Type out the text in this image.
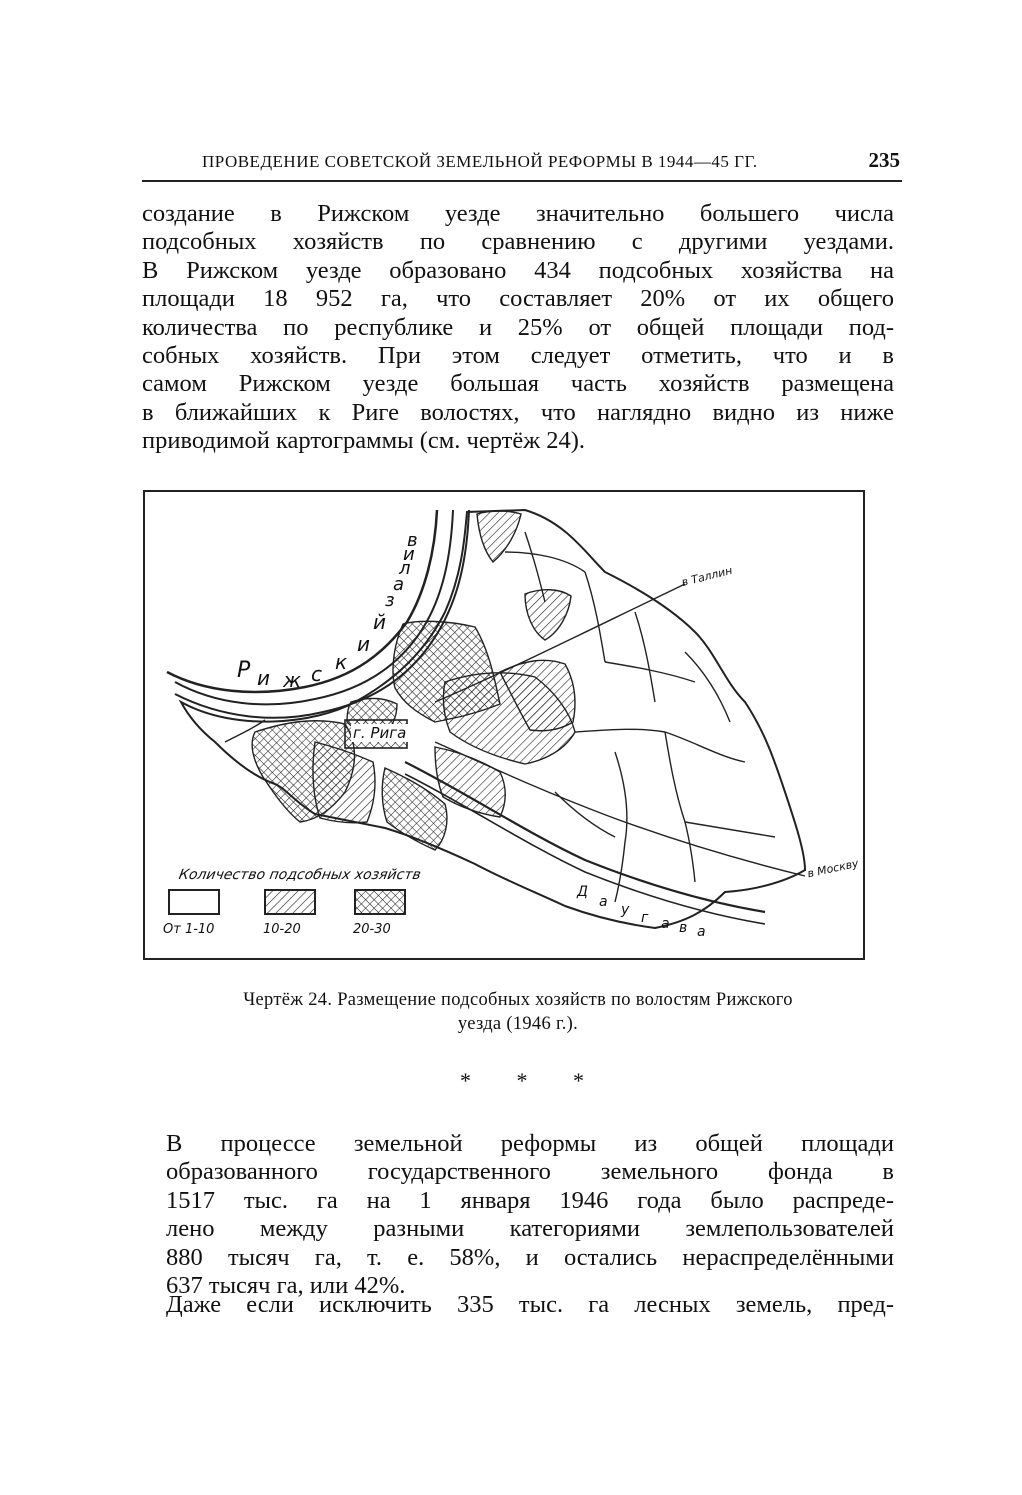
ПРОВЕДЕНИЕ СОВЕТСКОЙ ЗЕМЕЛЬНОЙ РЕФОРМЫ В 1944—45 ГГ.	235
создание в Рижском уезде значительно большего числа
подсобных хозяйств по сравнению с другими уездами.
В Рижском уезде образовано 434 подсобных хозяйства на
площади 18 952 га, что составляет 20% от их общего
количества по республике и 25% от общей площади под-
собных хозяйств. При этом следует отметить, что и в
самом Рижском уезде большая часть хозяйств размещена
в ближайших к Риге волостях, что наглядно видно из ниже
приводимой картограммы (см. чертёж 24).
Р и ж с к
и
й
з
а
л
и
в
г. Рига
в Таллин
в Москву
Д
а у г а в а
Количество подсобных хозяйств
От 1-10	10-20	20-30
Чертёж 24. Размещение подсобных хозяйств по волостям Рижского
уезда (1946 г.).
* * *
В процессе земельной реформы из общей площади
образованного государственного земельного фонда в
1517 тыс. га на 1 января 1946 года было распреде-
лено между разными категориями землепользователей
880 тысяч га, т. е. 58%, и остались нераспределёнными
637 тысяч га, или 42%.
Даже если исключить 335 тыс. га лесных земель, пред-
